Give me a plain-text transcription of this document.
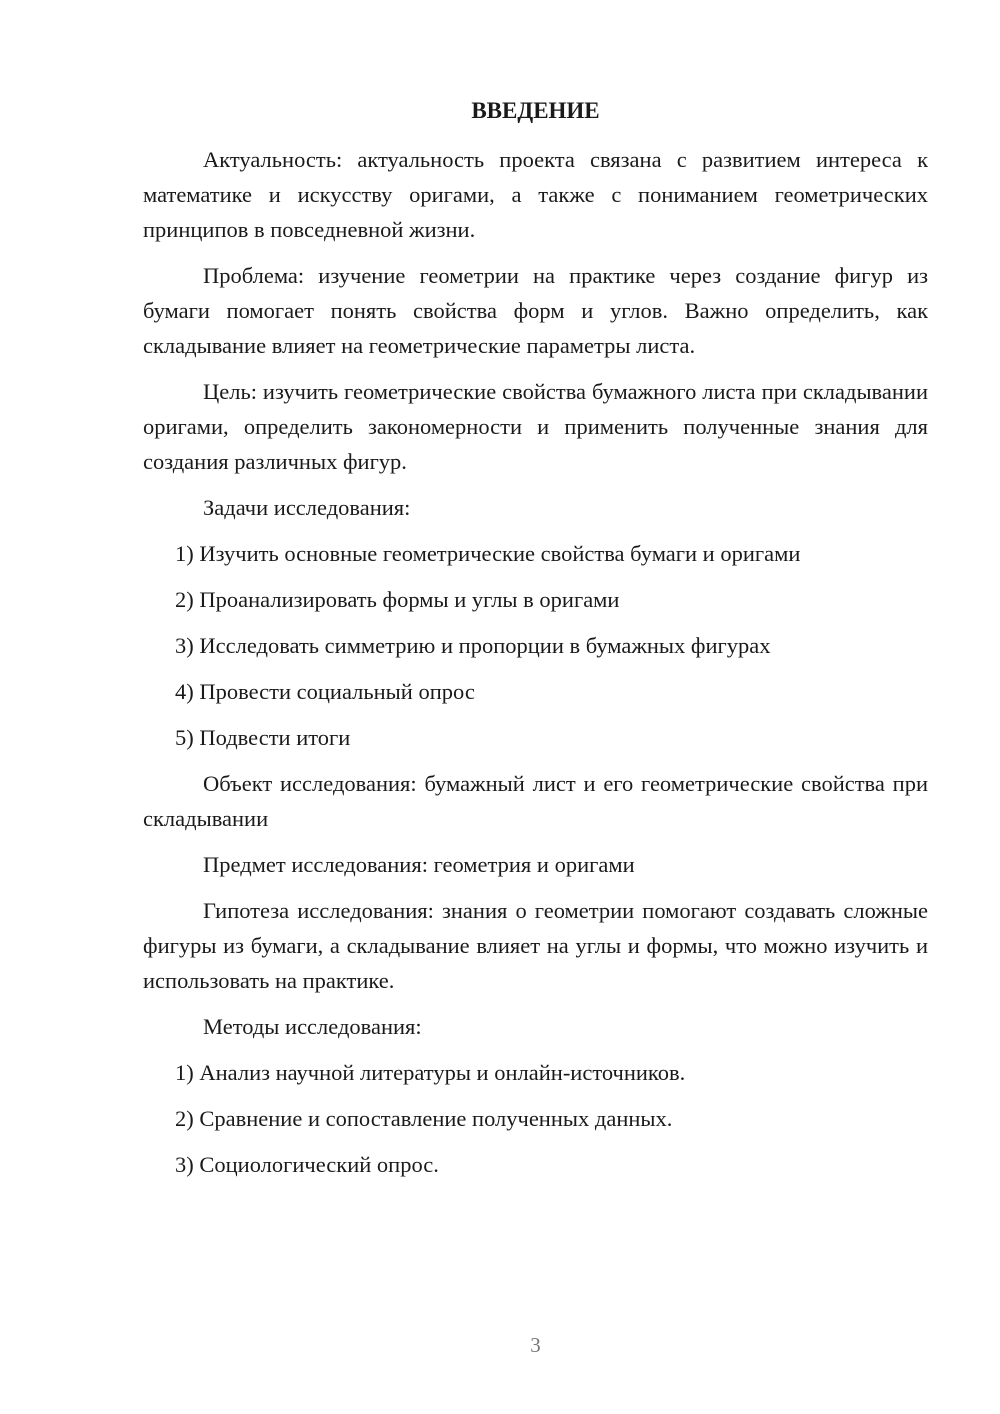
ВВЕДЕНИЕ

Актуальность: актуальность проекта связана с развитием интереса к математике и искусству оригами, а также с пониманием геометрических принципов в повседневной жизни.

Проблема: изучение геометрии на практике через создание фигур из бумаги помогает понять свойства форм и углов. Важно определить, как складывание влияет на геометрические параметры листа.

Цель: изучить геометрические свойства бумажного листа при складывании оригами, определить закономерности и применить полученные знания для создания различных фигур.

Задачи исследования:

1) Изучить основные геометрические свойства бумаги и оригами

2) Проанализировать формы и углы в оригами

3) Исследовать симметрию и пропорции в бумажных фигурах

4) Провести социальный опрос

5) Подвести итоги

Объект исследования: бумажный лист и его геометрические свойства при складывании

Предмет исследования: геометрия и оригами

Гипотеза исследования: знания о геометрии помогают создавать сложные фигуры из бумаги, а складывание влияет на углы и формы, что можно изучить и использовать на практике.

Методы исследования:

1) Анализ научной литературы и онлайн-источников.

2) Сравнение и сопоставление полученных данных.

3) Социологический опрос.

3
